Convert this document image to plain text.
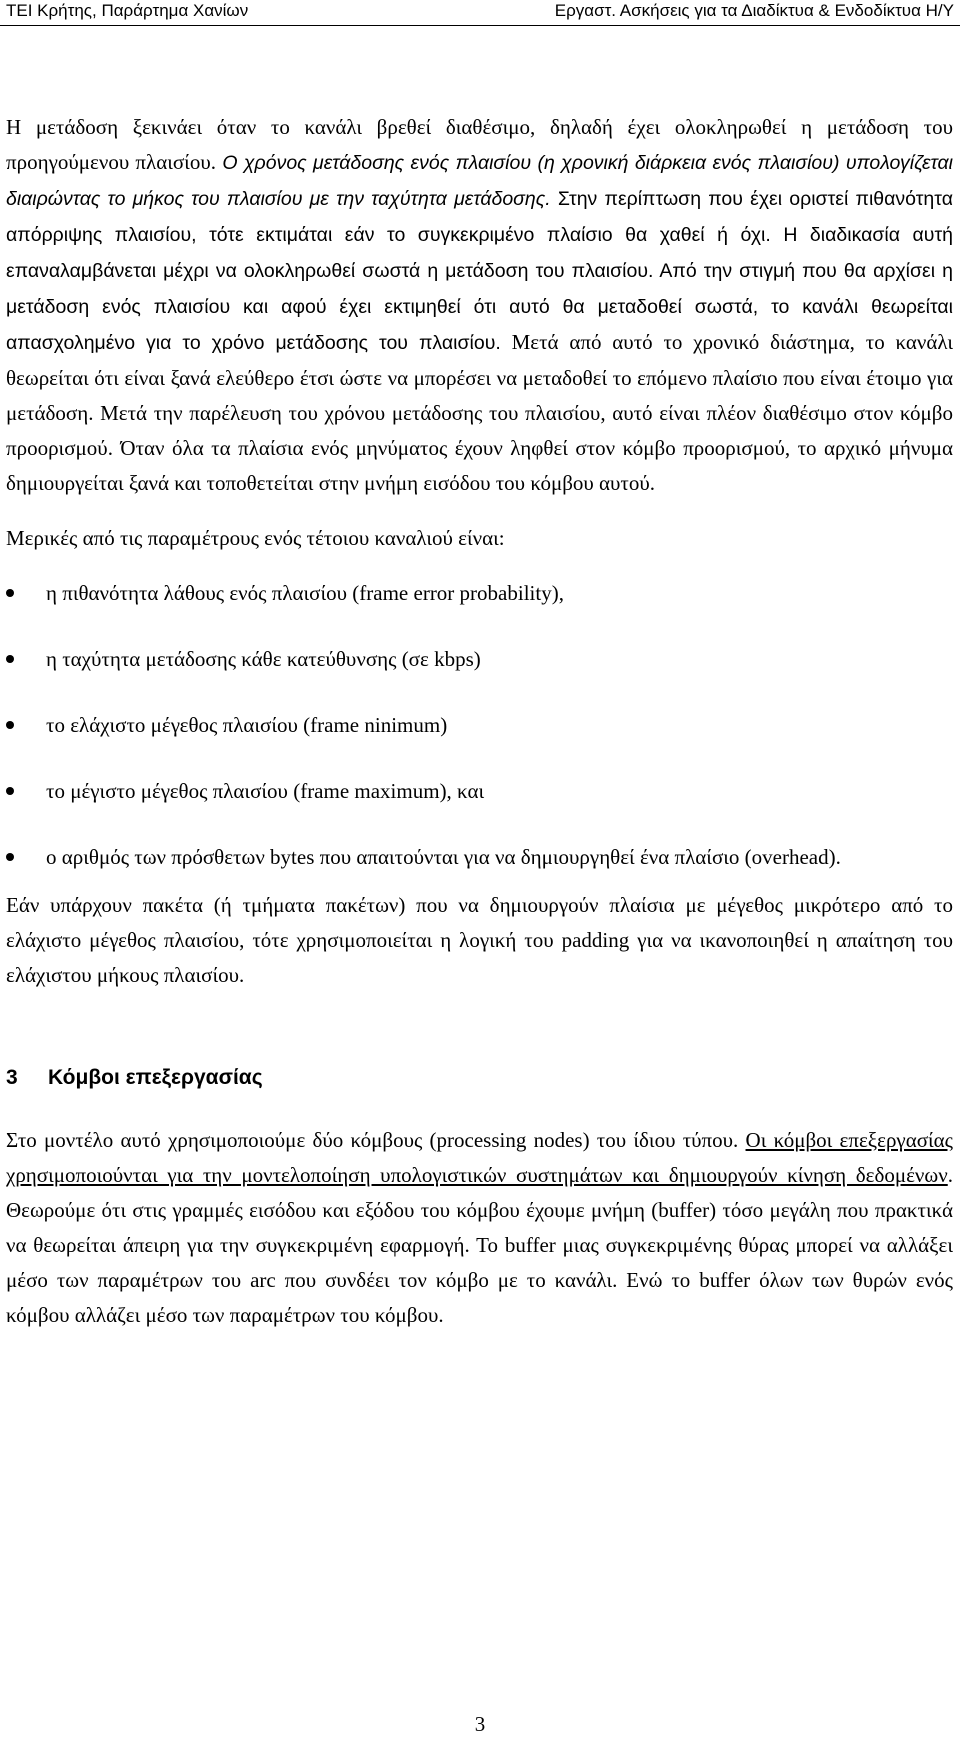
ΤΕΙ Κρήτης, Παράρτημα Χανίων	Εργαστ. Ασκήσεις για τα Διαδίκτυα & Ενδοδίκτυα Η/Υ

Η μετάδοση ξεκινάει όταν το κανάλι βρεθεί διαθέσιμο, δηλαδή έχει ολοκληρωθεί η μετάδοση του προηγούμενου πλαισίου. Ο χρόνος μετάδοσης ενός πλαισίου (η χρονική διάρκεια ενός πλαισίου) υπολογίζεται διαιρώντας το μήκος του πλαισίου με την ταχύτητα μετάδοσης. Στην περίπτωση που έχει οριστεί πιθανότητα απόρριψης πλαισίου, τότε εκτιμάται εάν το συγκεκριμένο πλαίσιο θα χαθεί ή όχι. Η διαδικασία αυτή επαναλαμβάνεται μέχρι να ολοκληρωθεί σωστά η μετάδοση του πλαισίου. Από την στιγμή που θα αρχίσει η μετάδοση ενός πλαισίου και αφού έχει εκτιμηθεί ότι αυτό θα μεταδοθεί σωστά, το κανάλι θεωρείται απασχολημένο για το χρόνο μετάδοσης του πλαισίου. Μετά από αυτό το χρονικό διάστημα, το κανάλι θεωρείται ότι είναι ξανά ελεύθερο έτσι ώστε να μπορέσει να μεταδοθεί το επόμενο πλαίσιο που είναι έτοιμο για μετάδοση. Μετά την παρέλευση του χρόνου μετάδοσης του πλαισίου, αυτό είναι πλέον διαθέσιμο στον κόμβο προορισμού. Όταν όλα τα πλαίσια ενός μηνύματος έχουν ληφθεί στον κόμβο προορισμού, το αρχικό μήνυμα δημιουργείται ξανά και τοποθετείται στην μνήμη εισόδου του κόμβου αυτού.

Μερικές από τις παραμέτρους ενός τέτοιου καναλιού είναι:

η πιθανότητα λάθους ενός πλαισίου (frame error probability),
η ταχύτητα μετάδοσης κάθε κατεύθυνσης (σε kbps)
το ελάχιστο μέγεθος πλαισίου (frame ninimum)
το μέγιστο μέγεθος πλαισίου (frame maximum), και
ο αριθμός των πρόσθετων bytes που απαιτούνται για να δημιουργηθεί ένα πλαίσιο (overhead).

Εάν υπάρχουν πακέτα (ή τμήματα πακέτων) που να δημιουργούν πλαίσια με μέγεθος μικρότερο από το ελάχιστο μέγεθος πλαισίου, τότε χρησιμοποιείται η λογική του padding για να ικανοποιηθεί η απαίτηση του ελάχιστου μήκους πλαισίου.

3 Κόμβοι επεξεργασίας

Στο μοντέλο αυτό χρησιμοποιούμε δύο κόμβους (processing nodes) του ίδιου τύπου. Οι κόμβοι επεξεργασίας χρησιμοποιούνται για την μοντελοποίηση υπολογιστικών συστημάτων και δημιουργούν κίνηση δεδομένων. Θεωρούμε ότι στις γραμμές εισόδου και εξόδου του κόμβου έχουμε μνήμη (buffer) τόσο μεγάλη που πρακτικά να θεωρείται άπειρη για την συγκεκριμένη εφαρμογή. Το buffer μιας συγκεκριμένης θύρας μπορεί να αλλάξει μέσο των παραμέτρων του arc που συνδέει τον κόμβο με το κανάλι. Ενώ το buffer όλων των θυρών ενός κόμβου αλλάζει μέσο των παραμέτρων του κόμβου.

3
